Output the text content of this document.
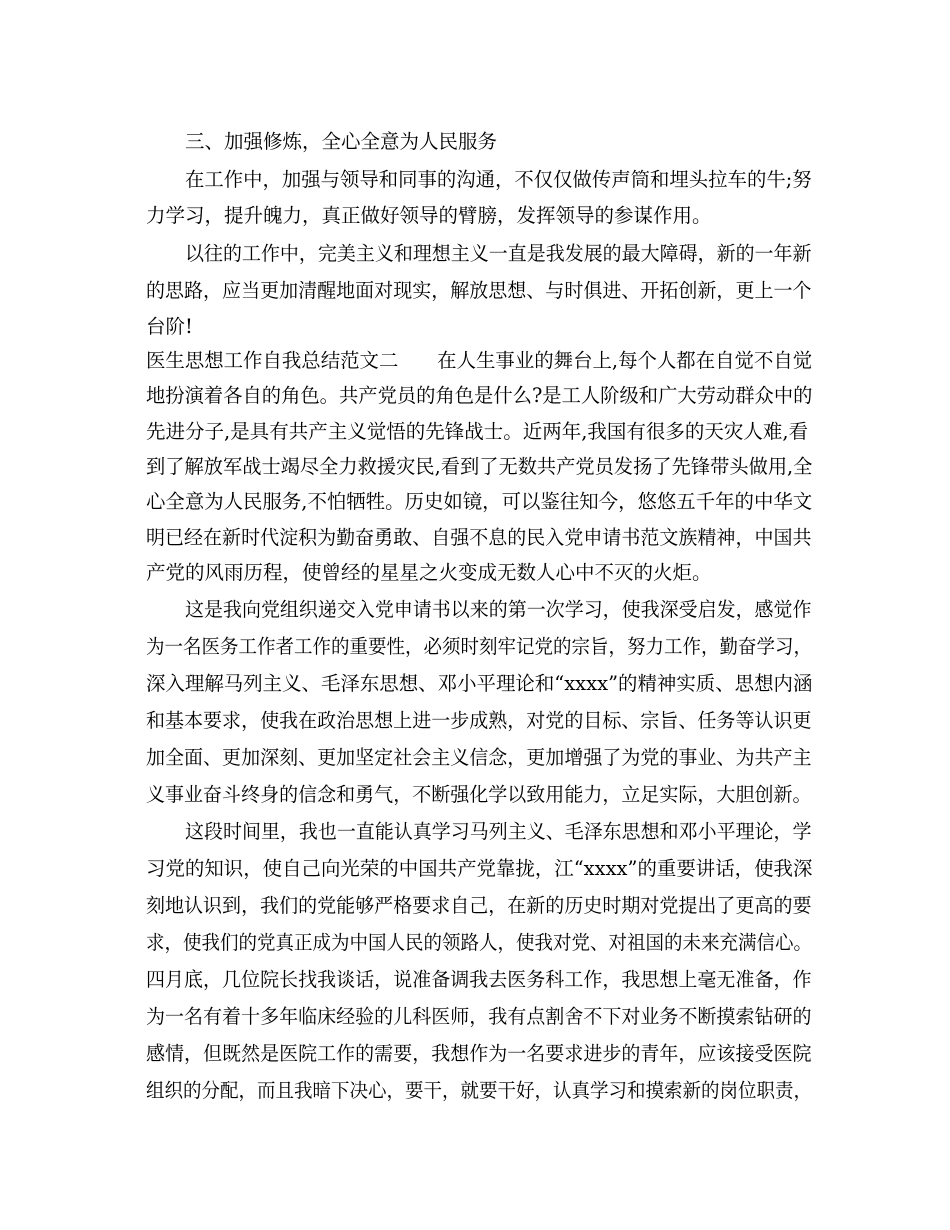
三、加强修炼，全心全意为人民服务
在工作中，加强与领导和同事的沟通，不仅仅做传声筒和埋头拉车的牛;努
力学习，提升魄力，真正做好领导的臂膀，发挥领导的参谋作用。
以往的工作中，完美主义和理想主义一直是我发展的最大障碍，新的一年新
的思路，应当更加清醒地面对现实，解放思想、与时俱进、开拓创新，更上一个
台阶!
医生思想工作自我总结范文二　　在人生事业的舞台上,每个人都在自觉不自觉
地扮演着各自的角色。共产党员的角色是什么?是工人阶级和广大劳动群众中的
先进分子,是具有共产主义觉悟的先锋战士。近两年,我国有很多的天灾人难,看
到了解放军战士竭尽全力救援灾民,看到了无数共产党员发扬了先锋带头做用,全
心全意为人民服务,不怕牺牲。历史如镜，可以鉴往知今，悠悠五千年的中华文
明已经在新时代淀积为勤奋勇敢、自强不息的民入党申请书范文族精神，中国共
产党的风雨历程，使曾经的星星之火变成无数人心中不灭的火炬。
这是我向党组织递交入党申请书以来的第一次学习，使我深受启发，感觉作
为一名医务工作者工作的重要性，必须时刻牢记党的宗旨，努力工作，勤奋学习，
深入理解马列主义、毛泽东思想、邓小平理论和“xxxx”的精神实质、思想内涵
和基本要求，使我在政治思想上进一步成熟，对党的目标、宗旨、任务等认识更
加全面、更加深刻、更加坚定社会主义信念，更加增强了为党的事业、为共产主
义事业奋斗终身的信念和勇气，不断强化学以致用能力，立足实际，大胆创新。
这段时间里，我也一直能认真学习马列主义、毛泽东思想和邓小平理论，学
习党的知识，使自己向光荣的中国共产党靠拢，江“xxxx”的重要讲话，使我深
刻地认识到，我们的党能够严格要求自己，在新的历史时期对党提出了更高的要
求，使我们的党真正成为中国人民的领路人，使我对党、对祖国的未来充满信心。
四月底，几位院长找我谈话，说准备调我去医务科工作，我思想上毫无准备，作
为一名有着十多年临床经验的儿科医师，我有点割舍不下对业务不断摸索钻研的
感情，但既然是医院工作的需要，我想作为一名要求进步的青年，应该接受医院
组织的分配，而且我暗下决心，要干，就要干好，认真学习和摸索新的岗位职责，
